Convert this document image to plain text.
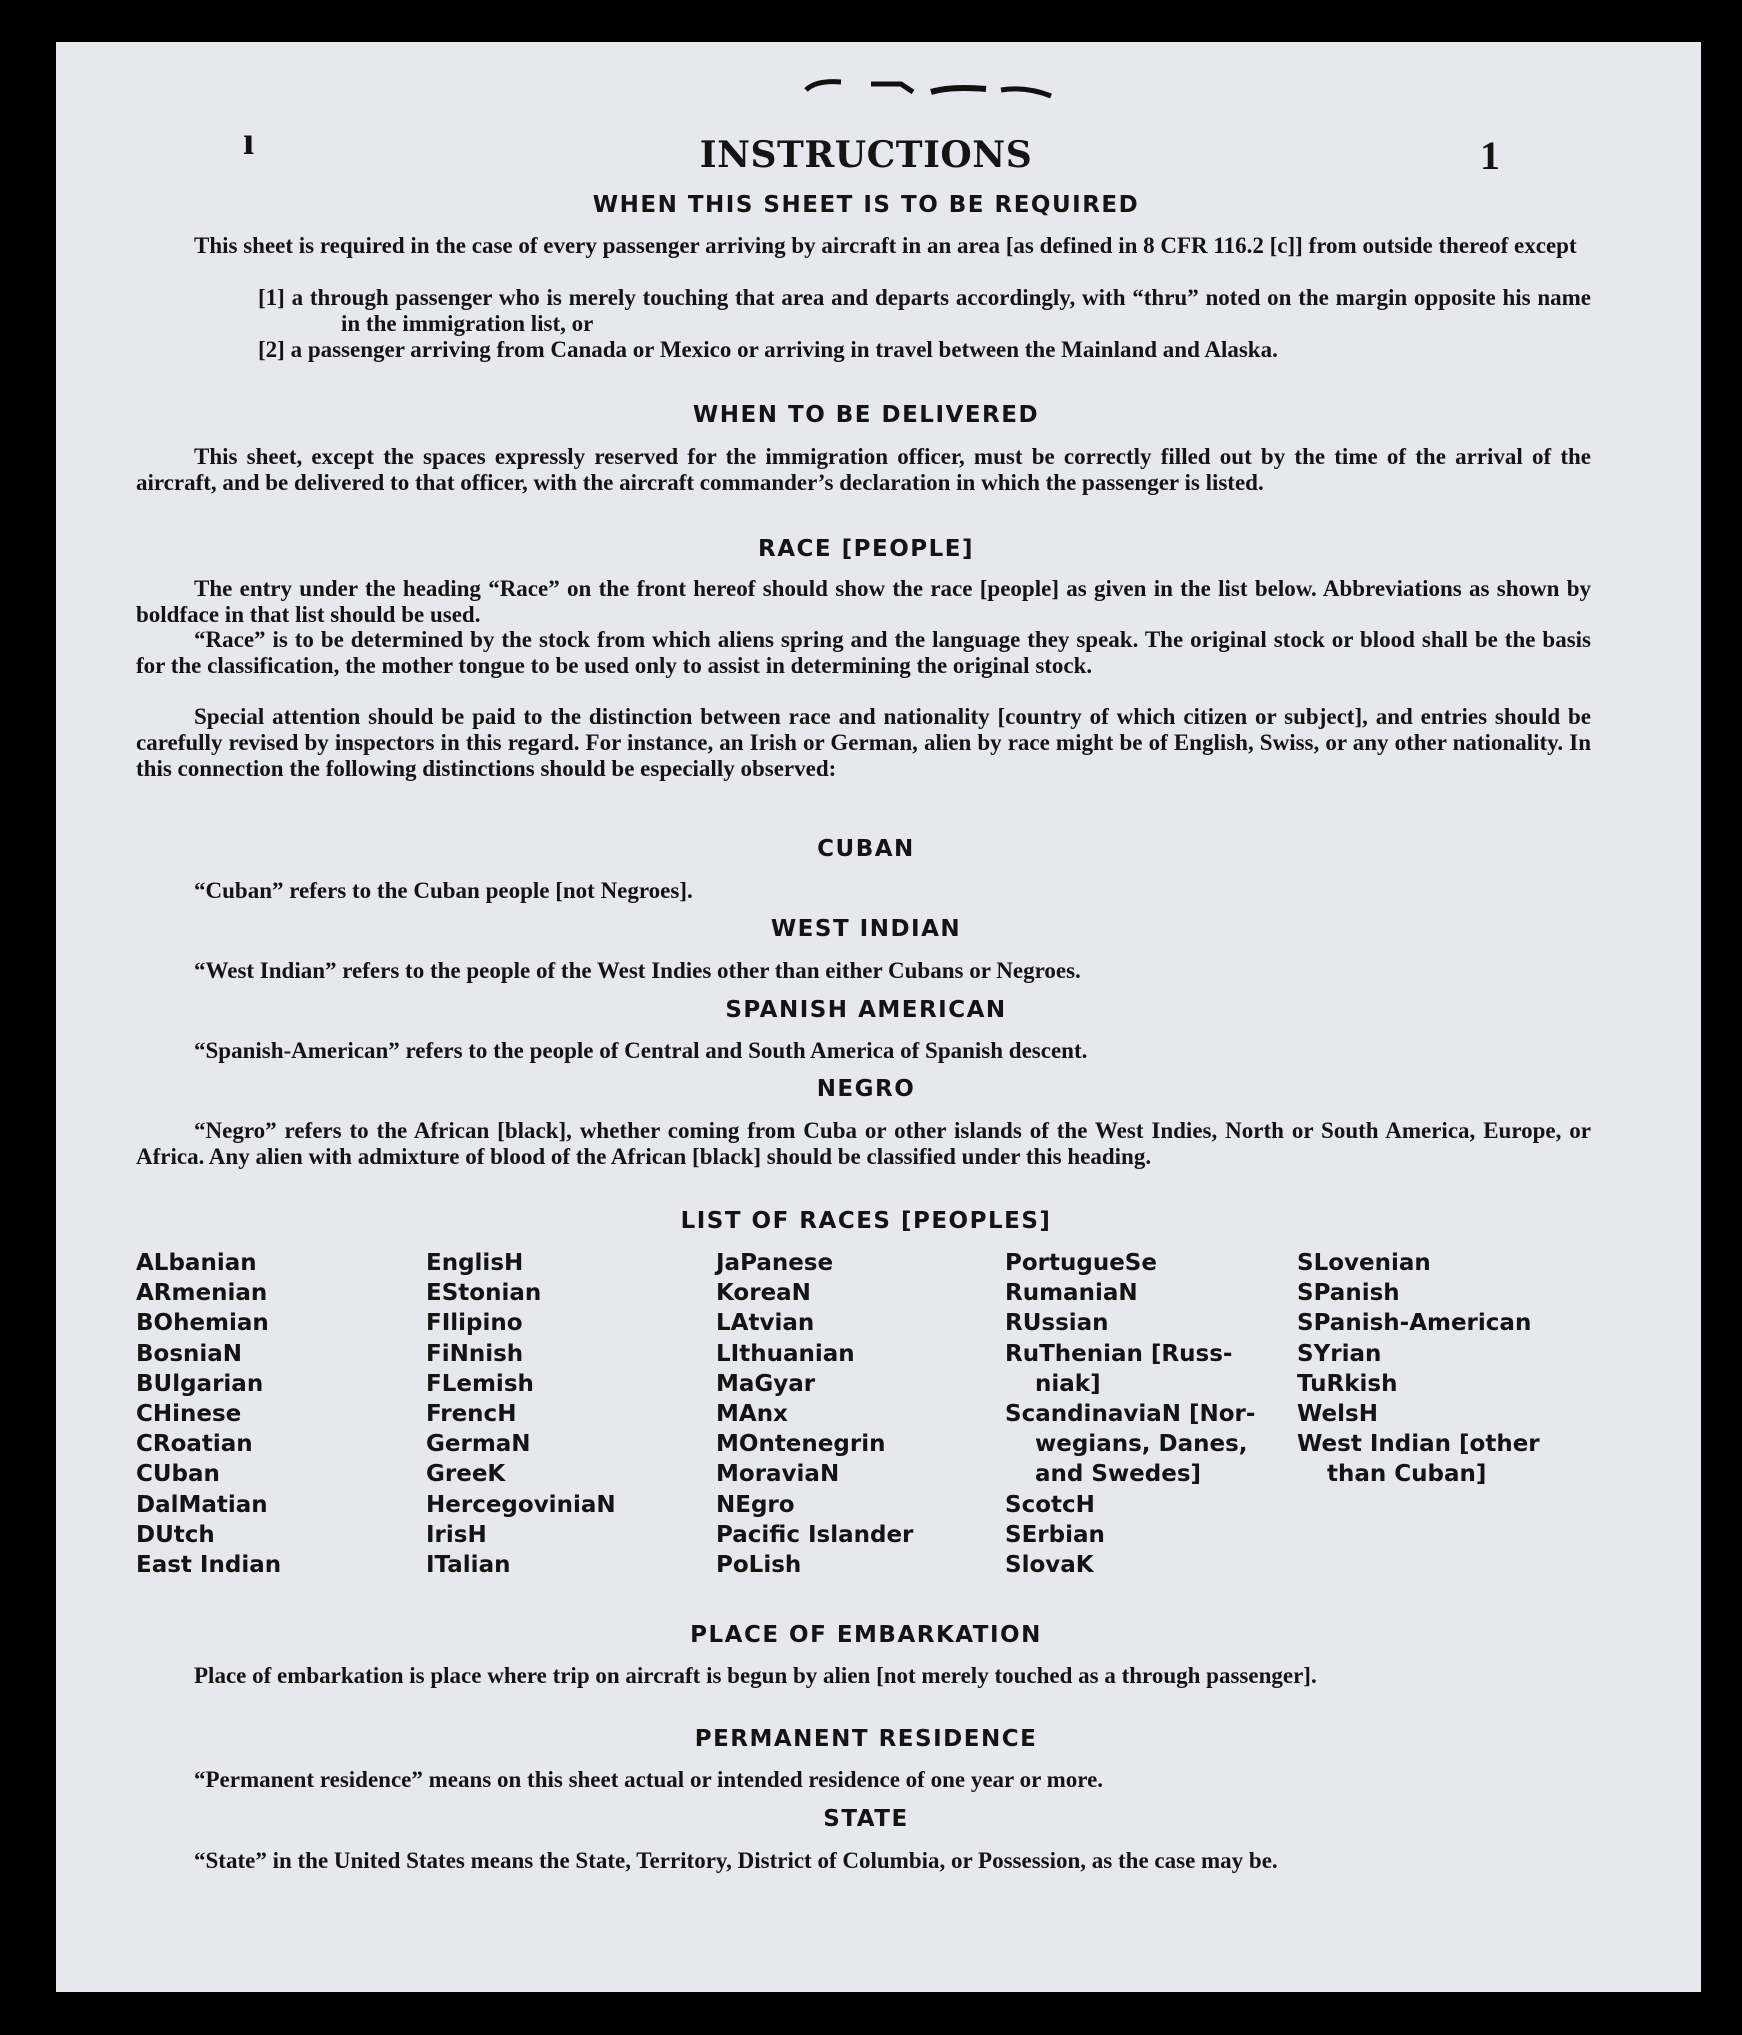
ı	1
INSTRUCTIONS
WHEN THIS SHEET IS TO BE REQUIRED

This sheet is required in the case of every passenger arriving by aircraft in an area [as defined in 8 CFR 116.2 [c]] from outside thereof except

[1] a through passenger who is merely touching that area and departs accordingly, with “thru” noted on the margin opposite his name in the immigration list, or
[2] a passenger arriving from Canada or Mexico or arriving in travel between the Mainland and Alaska.
WHEN TO BE DELIVERED

This sheet, except the spaces expressly reserved for the immigration officer, must be correctly filled out by the time of the arrival of the aircraft, and be delivered to that officer, with the aircraft commander’s declaration in which the passenger is listed.

RACE [PEOPLE]

The entry under the heading “Race” on the front hereof should show the race [people] as given in the list below. Abbreviations as shown by boldface in that list should be used.

“Race” is to be determined by the stock from which aliens spring and the language they speak. The original stock or blood shall be the basis for the classification, the mother tongue to be used only to assist in determining the original stock.

Special attention should be paid to the distinction between race and nationality [country of which citizen or subject], and entries should be carefully revised by inspectors in this regard. For instance, an Irish or German, alien by race might be of English, Swiss, or any other nationality. In this connection the following distinctions should be especially observed:

CUBAN

“Cuban” refers to the Cuban people [not Negroes].

WEST INDIAN

“West Indian” refers to the people of the West Indies other than either Cubans or Negroes.

SPANISH AMERICAN

“Spanish-American” refers to the people of Central and South America of Spanish descent.

NEGRO

“Negro” refers to the African [black], whether coming from Cuba or other islands of the West Indies, North or South America, Europe, or Africa. Any alien with admixture of blood of the African [black] should be classified under this heading.

LIST OF RACES [PEOPLES]
ALbanian
ARmenian
BOhemian
BosniaN
BUlgarian
CHinese
CRoatian
CUban
DalMatian
DUtch
East Indian
EnglisH
EStonian
FIlipino
FiNnish
FLemish
FrencH
GermaN
GreeK
HercegoviniaN
IrisH
ITalian
JaPanese
KoreaN
LAtvian
LIthuanian
MaGyar
MAnx
MOntenegrin
MoraviaN
NEgro
Pacific Islander
PoLish
PortugueSe
RumaniaN
RUssian
RuThenian [Russ-
niak]
ScandinaviaN [Nor-
wegians, Danes,
and Swedes]
ScotcH
SErbian
SlovaK
SLovenian
SPanish
SPanish-American
SYrian
TuRkish
WelsH
West Indian [other
than Cuban]
PLACE OF EMBARKATION

Place of embarkation is place where trip on aircraft is begun by alien [not merely touched as a through passenger].

PERMANENT RESIDENCE

“Permanent residence” means on this sheet actual or intended residence of one year or more.

STATE

“State” in the United States means the State, Territory, District of Columbia, or Possession, as the case may be.
